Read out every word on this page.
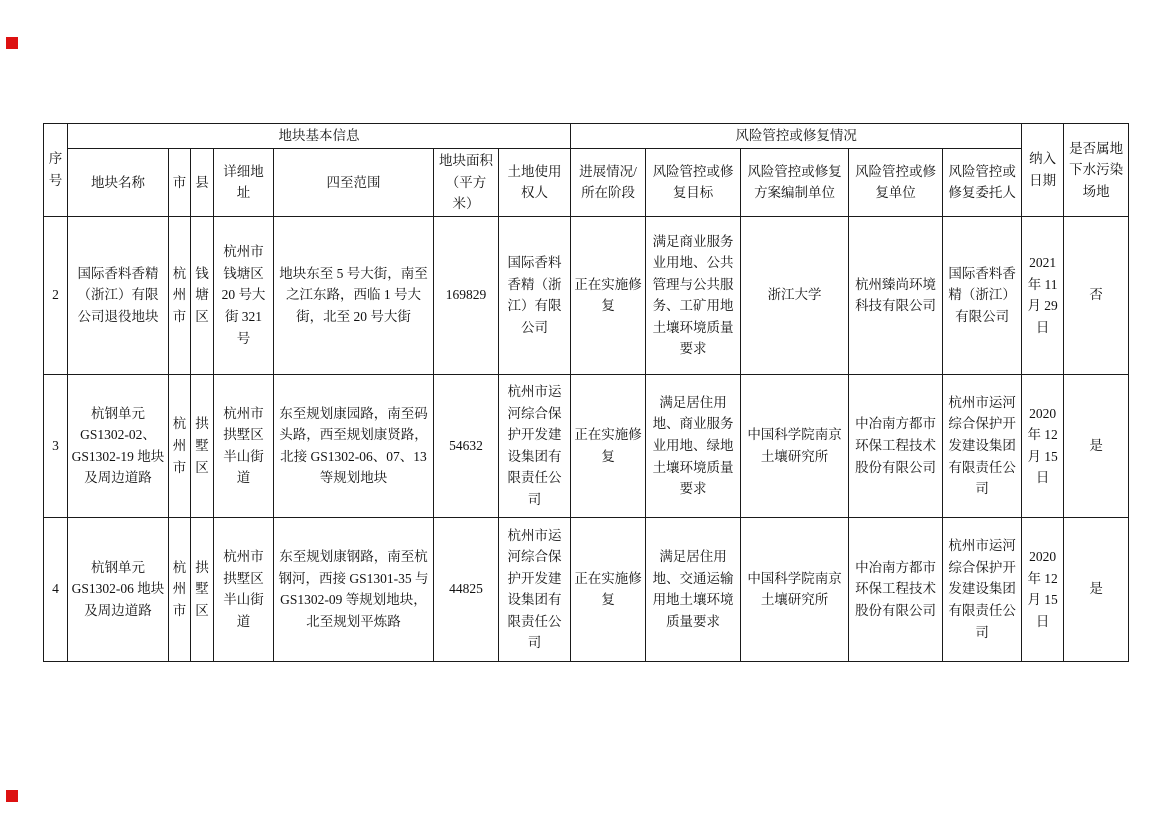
序号	地块基本信息							风险管控或修复情况					纳入日期	是否属地下水污染场地
	地块名称	市	县	详细地址	四至范围	地块面积（平方米）	土地使用权人	进展情况/所在阶段	风险管控或修复目标	风险管控或修复方案编制单位	风险管控或修复单位	风险管控或修复委托人		
2	国际香料香精（浙江）有限公司退役地块	杭州市	钱塘区	杭州市钱塘区 20 号大街 321 号	地块东至 5 号大街，南至之江东路，西临 1 号大街，北至 20 号大街	169829	国际香料香精（浙江）有限公司	正在实施修复	满足商业服务业用地、公共管理与公共服务、工矿用地土壤环境质量要求	浙江大学	杭州臻尚环境科技有限公司	国际香料香精（浙江）有限公司	2021 年 11 月 29 日	否
3	杭钢单元 GS1302-02、GS1302-19 地块及周边道路	杭州市	拱墅区	杭州市拱墅区半山街道	东至规划康园路，南至码头路，西至规划康贤路，北接 GS1302-06、07、13 等规划地块	54632	杭州市运河综合保护开发建设集团有限责任公司	正在实施修复	满足居住用地、商业服务业用地、绿地土壤环境质量要求	中国科学院南京土壤研究所	中冶南方都市环保工程技术股份有限公司	杭州市运河综合保护开发建设集团有限责任公司	2020 年 12 月 15 日	是
4	杭钢单元 GS1302-06 地块及周边道路	杭州市	拱墅区	杭州市拱墅区半山街道	东至规划康钢路，南至杭钢河，西接 GS1301-35 与 GS1302-09 等规划地块，北至规划平炼路	44825	杭州市运河综合保护开发建设集团有限责任公司	正在实施修复	满足居住用地、交通运输用地土壤环境质量要求	中国科学院南京土壤研究所	中冶南方都市环保工程技术股份有限公司	杭州市运河综合保护开发建设集团有限责任公司	2020 年 12 月 15 日	是
